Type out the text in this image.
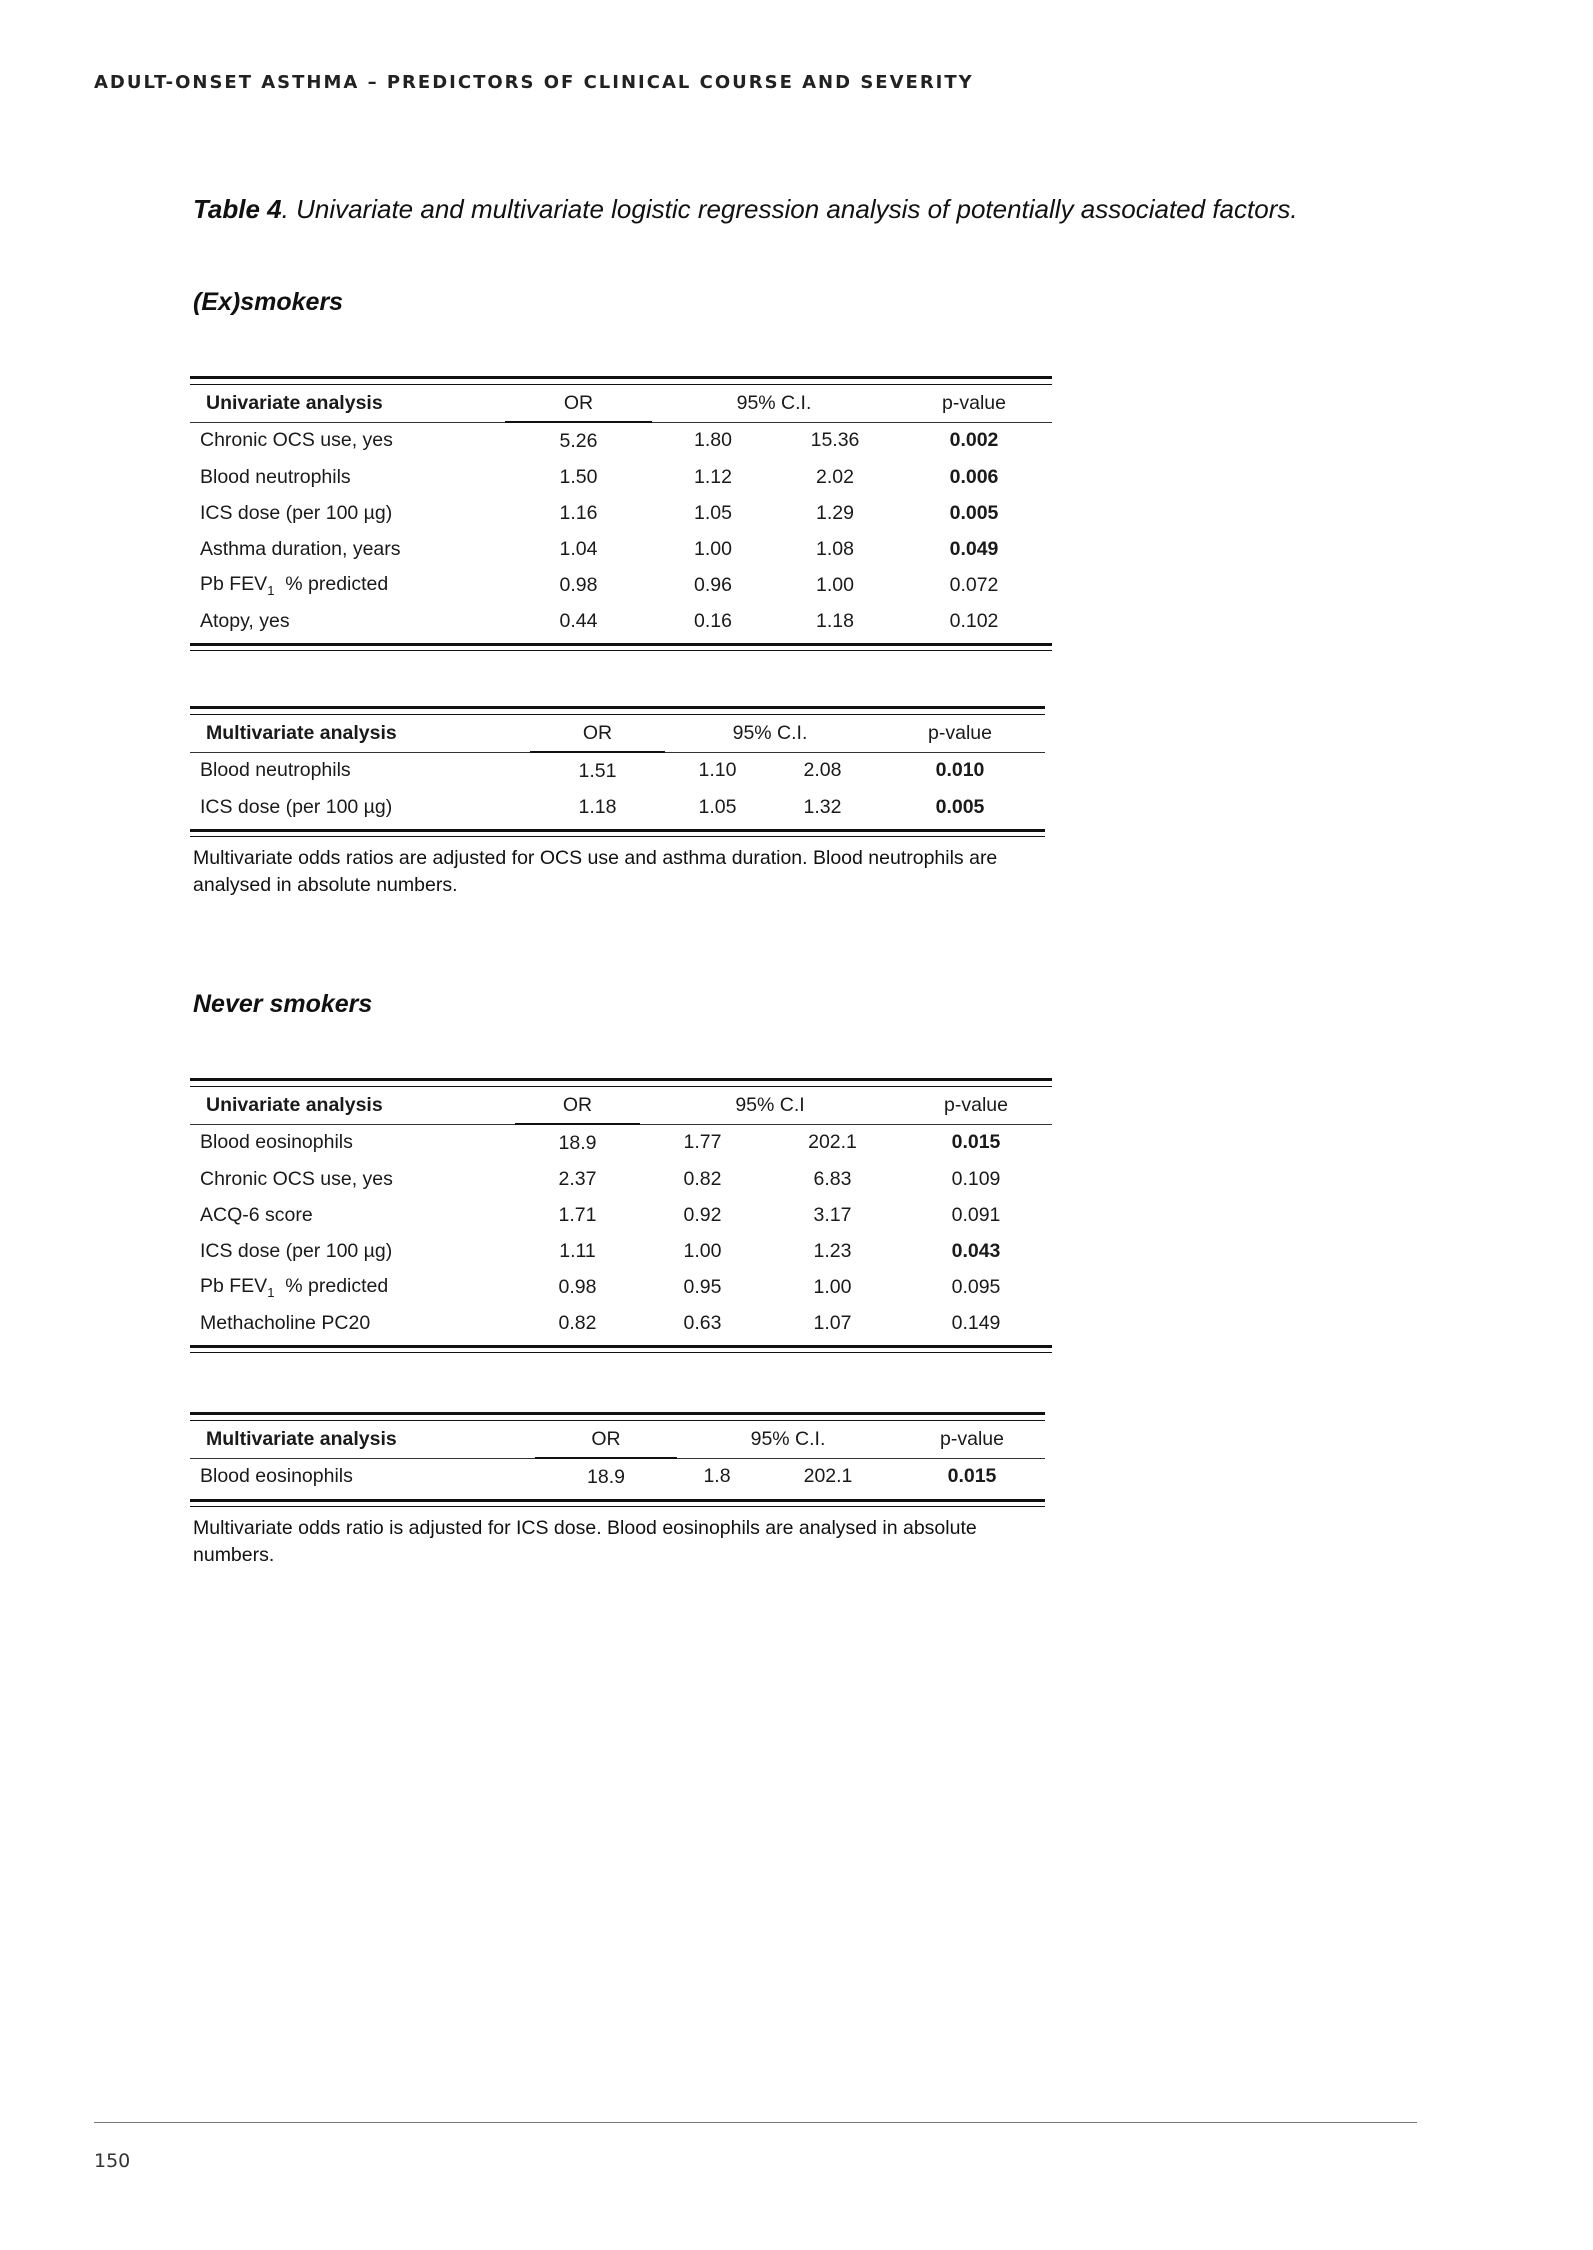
ADULT-ONSET ASTHMA – PREDICTORS OF CLINICAL COURSE AND SEVERITY
Table 4. Univariate and multivariate logistic regression analysis of potentially associated factors.
(Ex)smokers
Univariate analysis	OR	95% C.I.		p-value
Chronic OCS use, yes	5.26	1.80	15.36	0.002
Blood neutrophils	1.50	1.12	2.02	0.006
ICS dose (per 100 µg)	1.16	1.05	1.29	0.005
Asthma duration, years	1.04	1.00	1.08	0.049
Pb $FEV_1$  % predicted	0.98	0.96	1.00	0.072
Atopy, yes	0.44	0.16	1.18	0.102
Multivariate analysis	OR	95% C.I.		p-value
Blood neutrophils	1.51	1.10	2.08	0.010
ICS dose (per 100 µg)	1.18	1.05	1.32	0.005
Multivariate odds ratios are adjusted for OCS use and asthma duration. Blood neutrophils are analysed in absolute numbers.
Never smokers
Univariate analysis	OR	95% C.I		p-value
Blood eosinophils	18.9	1.77	202.1	0.015
Chronic OCS use, yes	2.37	0.82	6.83	0.109
ACQ-6 score	1.71	0.92	3.17	0.091
ICS dose (per 100 µg)	1.11	1.00	1.23	0.043
Pb $FEV_1$  % predicted	0.98	0.95	1.00	0.095
Methacholine PC20	0.82	0.63	1.07	0.149
Multivariate analysis	OR	95% C.I.		p-value
Blood eosinophils	18.9	1.8	202.1	0.015
Multivariate odds ratio is adjusted for ICS dose. Blood eosinophils are analysed in absolute numbers.
150
